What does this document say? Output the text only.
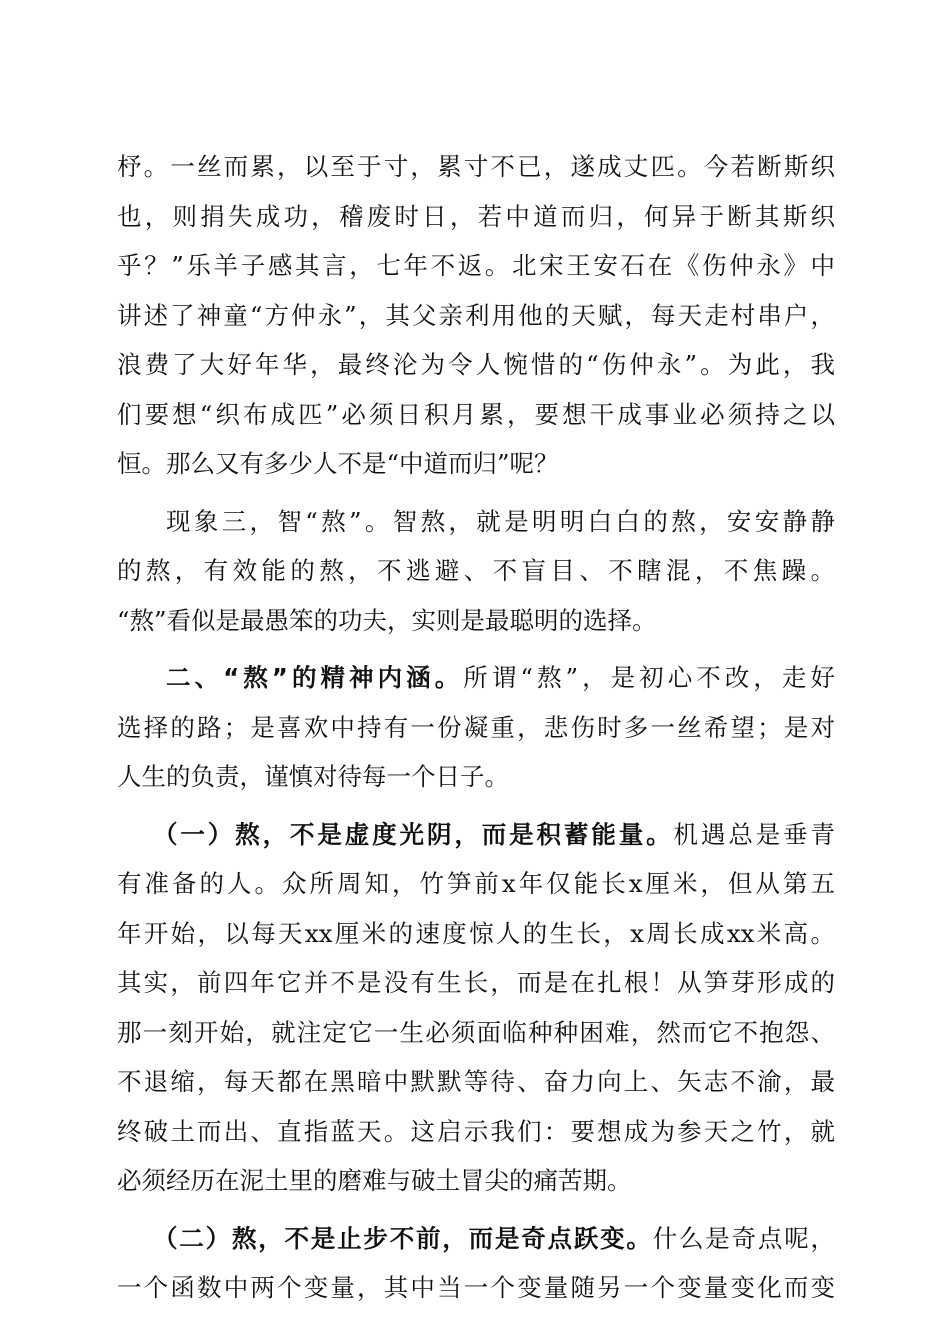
杼。一丝而累，以至于寸，累寸不已，遂成丈匹。今若断斯织
也，则捐失成功，稽废时日，若中道而归，何异于断其斯织
乎？”乐羊子感其言，七年不返。北宋王安石在《伤仲永》中
讲述了神童“方仲永”，其父亲利用他的天赋，每天走村串户，
浪费了大好年华，最终沦为令人惋惜的“伤仲永”。为此，我
们要想“织布成匹”必须日积月累，要想干成事业必须持之以
恒。那么又有多少人不是“中道而归”呢？
现象三，智“熬”。智熬，就是明明白白的熬，安安静静
的熬，有效能的熬，不逃避、不盲目、不瞎混，不焦躁。
“熬”看似是最愚笨的功夫，实则是最聪明的选择。
二、“熬”的精神内涵。所谓“熬”，是初心不改，走好
选择的路；是喜欢中持有一份凝重，悲伤时多一丝希望；是对
人生的负责，谨慎对待每一个日子。
（一）熬，不是虚度光阴，而是积蓄能量。机遇总是垂青
有准备的人。众所周知，竹笋前x年仅能长x厘米，但从第五
年开始，以每天xx厘米的速度惊人的生长，x周长成xx米高。
其实，前四年它并不是没有生长，而是在扎根！从笋芽形成的
那一刻开始，就注定它一生必须面临种种困难，然而它不抱怨、
不退缩，每天都在黑暗中默默等待、奋力向上、矢志不渝，最
终破土而出、直指蓝天。这启示我们：要想成为参天之竹，就
必须经历在泥土里的磨难与破土冒尖的痛苦期。
（二）熬，不是止步不前，而是奇点跃变。什么是奇点呢，
一个函数中两个变量，其中当一个变量随另一个变量变化而变
